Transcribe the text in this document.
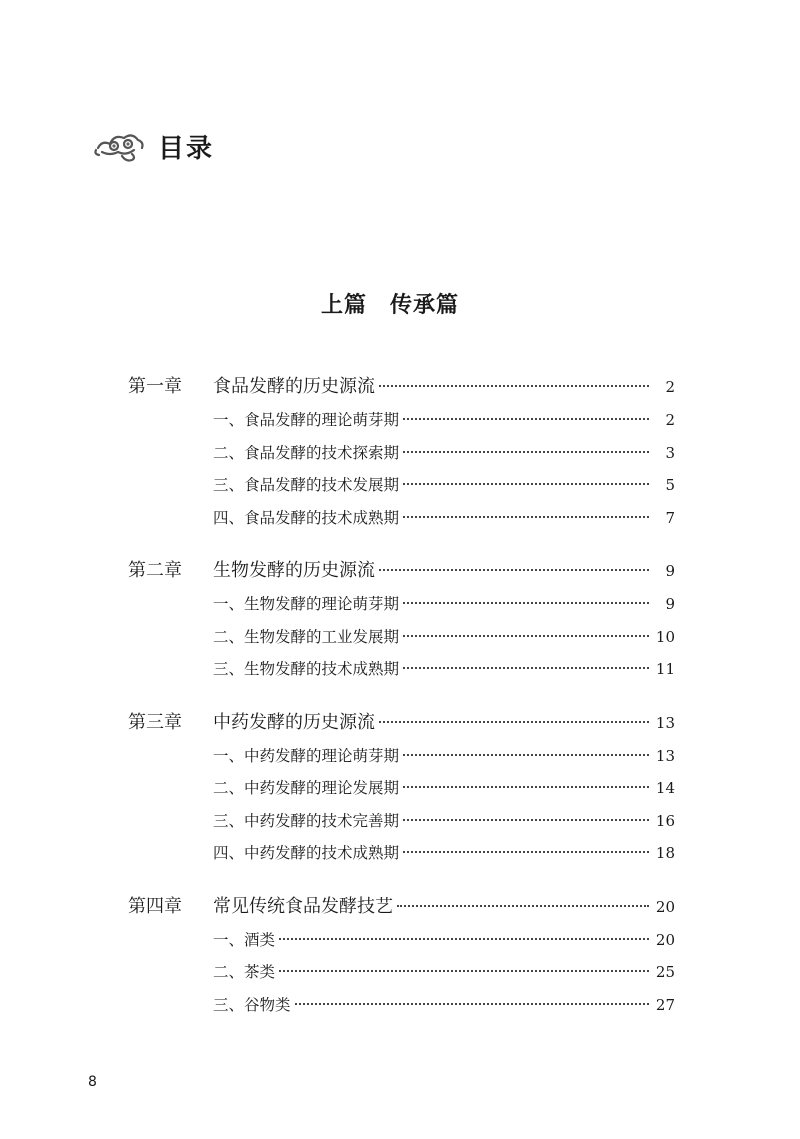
目录
上篇　传承篇
第一章	食品发酵的历史源流	2
一、食品发酵的理论萌芽期	2
二、食品发酵的技术探索期	3
三、食品发酵的技术发展期	5
四、食品发酵的技术成熟期	7
第二章	生物发酵的历史源流	9
一、生物发酵的理论萌芽期	9
二、生物发酵的工业发展期	10
三、生物发酵的技术成熟期	11
第三章	中药发酵的历史源流	13
一、中药发酵的理论萌芽期	13
二、中药发酵的理论发展期	14
三、中药发酵的技术完善期	16
四、中药发酵的技术成熟期	18
第四章	常见传统食品发酵技艺	20
一、酒类	20
二、茶类	25
三、谷物类	27
8
